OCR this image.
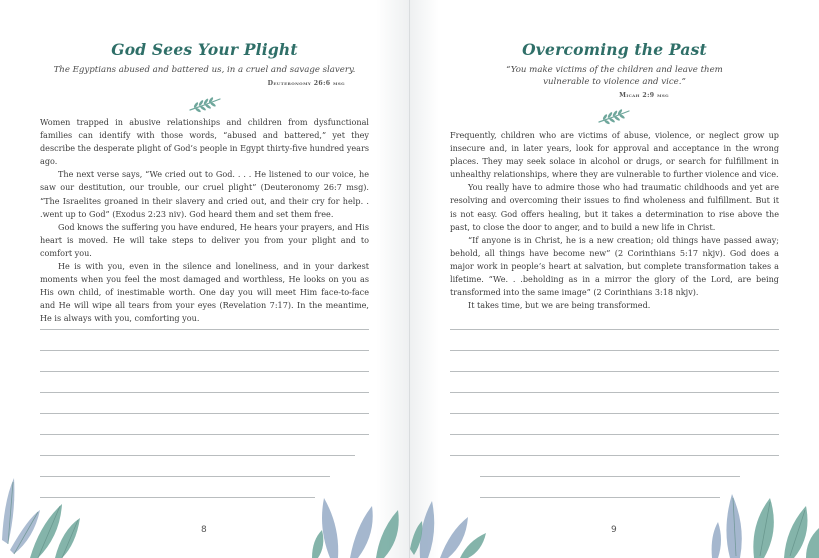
God Sees Your Plight
The Egyptians abused and battered us, in a cruel and savage slavery.
Deuteronomy 26:6 msg

Women trapped in abusive relationships and children from dysfunctional families can identify with those words, “abused and battered,” yet they describe the desperate plight of God’s people in Egypt thirty-five hundred years ago.

The next verse says, “We cried out to God. . . . He listened to our voice, he saw our destitution, our trouble, our cruel plight” (Deuteronomy 26:7 msg). “The Israelites groaned in their slavery and cried out, and their cry for help. . .went up to God” (Exodus 2:23 niv). God heard them and set them free.

God knows the suffering you have endured, He hears your prayers, and His heart is moved. He will take steps to deliver you from your plight and to comfort you.

He is with you, even in the silence and loneliness, and in your darkest moments when you feel the most damaged and worthless, He looks on you as His own child, of inestimable worth. One day you will meet Him face-to-face and He will wipe all tears from your eyes (Revelation 7:17). In the meantime, He is always with you, comforting you.

8
Overcoming the Past
“You make victims of the children and leave them vulnerable to violence and vice.”
Micah 2:9 msg

Frequently, children who are victims of abuse, violence, or neglect grow up insecure and, in later years, look for approval and acceptance in the wrong places. They may seek solace in alcohol or drugs, or search for fulfillment in unhealthy relationships, where they are vulnerable to further violence and vice.

You really have to admire those who had traumatic childhoods and yet are resolving and overcoming their issues to find wholeness and fulfillment. But it is not easy. God offers healing, but it takes a determination to rise above the past, to close the door to anger, and to build a new life in Christ.

“If anyone is in Christ, he is a new creation; old things have passed away; behold, all things have become new” (2 Corinthians 5:17 nkjv). God does a major work in people’s heart at salvation, but complete transformation takes a lifetime. “We. . .beholding as in a mirror the glory of the Lord, are being transformed into the same image” (2 Corinthians 3:18 nkjv).

It takes time, but we are being transformed.

9
